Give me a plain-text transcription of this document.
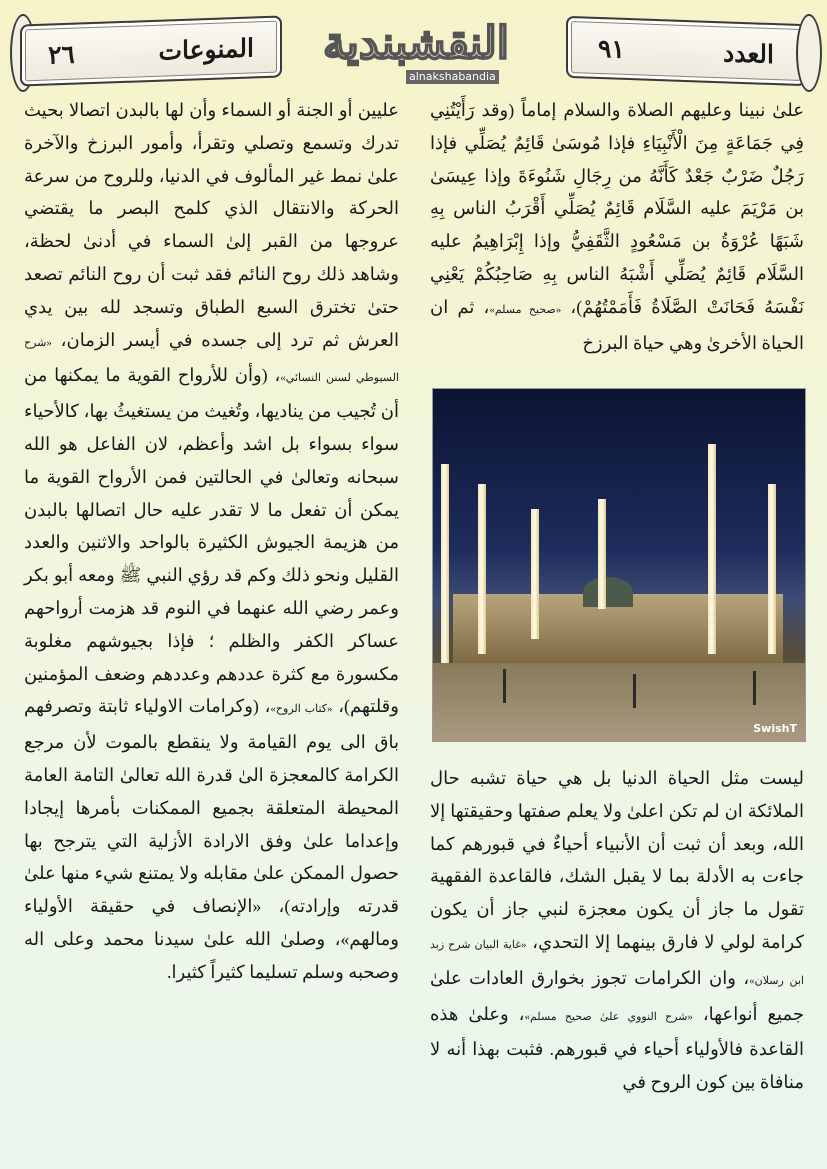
٢٦	المنوعات	النقشبندية
alnakshabandia
٩١	العدد

علىٰ نبينا وعليهم الصلاة والسلام إماماً (وقد رَأَيْتُنِي فِي جَمَاعَةٍ مِنَ الْأَنْبِيَاءِ فإذا مُوسَىٰ قَائِمٌ يُصَلِّي فإذا رَجُلٌ ضَرْبٌ جَعْدٌ كَأَنَّهُ من رِجَالِ شَنُوءَةَ وإذا عِيسَىٰ بن مَرْيَمَ عليه السَّلَام قَائِمٌ يُصَلِّي أَقْرَبُ الناس بِهِ شَبَهًا عُرْوَةُ بن مَسْعُودٍ الثَّقَفِيُّ وإذا إِبْرَاهِيمُ عليه السَّلَام قَائِمٌ يُصَلِّي أَشْبَهُ الناس بِهِ صَاحِبُكُمْ يَعْنِي نَفْسَهُ فَحَانَتْ الصَّلَاةُ فَأَمَمْتُهُمْ)، «صحيح مسلم»، ثم ان الحياة الأخرىٰ وهي حياة البرزخ

SwishT

ليست مثل الحياة الدنيا بل هي حياة تشبه حال الملائكة ان لم تكن اعلىٰ ولا يعلم صفتها وحقيقتها إلا الله، وبعد أن ثبت أن الأنبياء أحياءٌ في قبورهم كما جاءت به الأدلة بما لا يقبل الشك، فالقاعدة الفقهية تقول ما جاز أن يكون معجزة لنبي جاز أن يكون كرامة لولي لا فارق بينهما إلا التحدي، «غاية البيان شرح زبد ابن رسلان»، وان الكرامات تجوز بخوارق العادات علىٰ جميع أنواعها، «شرح النووي علىٰ صحيح مسلم»، وعلىٰ هذه القاعدة فالأولياء أحياء في قبورهم. فثبت بهذا أنه لا منافاة بين كون الروح في

عليين أو الجنة أو السماء وأن لها بالبدن اتصالا بحيث تدرك وتسمع وتصلي وتقرأ، وأمور البرزخ والآخرة علىٰ نمط غير المألوف في الدنيا، وللروح من سرعة الحركة والانتقال الذي كلمح البصر ما يقتضي عروجها من القبر إلىٰ السماء في أدنىٰ لحظة، وشاهد ذلك روح النائم فقد ثبت أن روح النائم تصعد حتىٰ تخترق السبع الطباق وتسجد لله بين يدي العرش ثم ترد إلى جسده في أيسر الزمان، «شرح السيوطي لسنن النسائي»، (وأن للأرواح القوية ما يمكنها من أن تُجيب من يناديها، وتُغيث من يستغيثُ بها، كالأحياء سواء بسواء بل اشد وأعظم، لان الفاعل هو الله سبحانه وتعالىٰ في الحالتين فمن الأرواح القوية ما يمكن أن تفعل ما لا تقدر عليه حال اتصالها بالبدن من هزيمة الجيوش الكثيرة بالواحد والاثنين والعدد القليل ونحو ذلك وكم قد رؤي النبي ﷺ ومعه أبو بكر وعمر رضي الله عنهما في النوم قد هزمت أرواحهم عساكر الكفر والظلم ؛ فإذا بجيوشهم مغلوبة مكسورة مع كثرة عددهم وعددهم وضعف المؤمنين وقلتهم)، «كتاب الروح»، (وكرامات الاولياء ثابتة وتصرفهم باق الى يوم القيامة ولا ينقطع بالموت لأن مرجع الكرامة كالمعجزة الىٰ قدرة الله تعالىٰ التامة العامة المحيطة المتعلقة بجميع الممكنات بأمرها إيجادا وإعداما علىٰ وفق الارادة الأزلية التي يترجح بها حصول الممكن علىٰ مقابله ولا يمتنع شيء منها علىٰ قدرته وإرادته)، «الإنصاف في حقيقة الأولياء ومالهم»، وصلىٰ الله علىٰ سيدنا محمد وعلى اله وصحبه وسلم تسليما كثيراً كثيرا.
